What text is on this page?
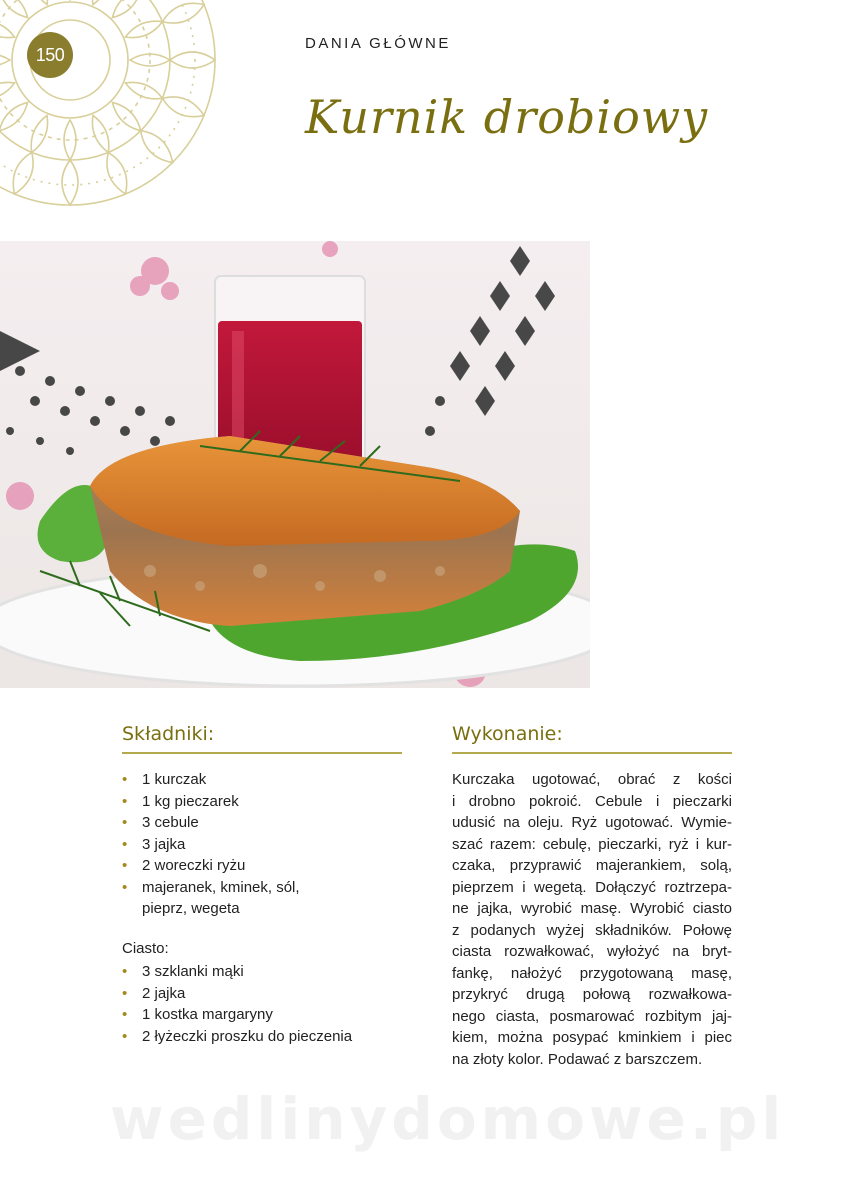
150
DANIA GŁÓWNE
Kurnik drobiowy
Składniki:
• 1 kurczak
• 1 kg pieczarek
• 3 cebule
• 3 jajka
• 2 woreczki ryżu
• majeranek, kminek, sól,
pieprz, wegeta
Ciasto:
• 3 szklanki mąki
• 2 jajka
• 1 kostka margaryny
• 2 łyżeczki proszku do pieczenia
Wykonanie:

Kurczaka ugotować, obrać z kości
i drobno pokroić. Cebule i pieczarki
udusić na oleju. Ryż ugotować. Wymie-
szać razem: cebulę, pieczarki, ryż i kur-
czaka, przyprawić majerankiem, solą,
pieprzem i wegetą. Dołączyć roztrzepa-
ne jajka, wyrobić masę. Wyrobić ciasto
z podanych wyżej składników. Połowę
ciasta rozwałkować, wyłożyć na bryt-
fankę, nałożyć przygotowaną masę,
przykryć drugą połową rozwałkowa-
nego ciasta, posmarować rozbitym jaj-
kiem, można posypać kminkiem i piec
na złoty kolor. Podawać z barszczem.

wedlinydomowe.pl
